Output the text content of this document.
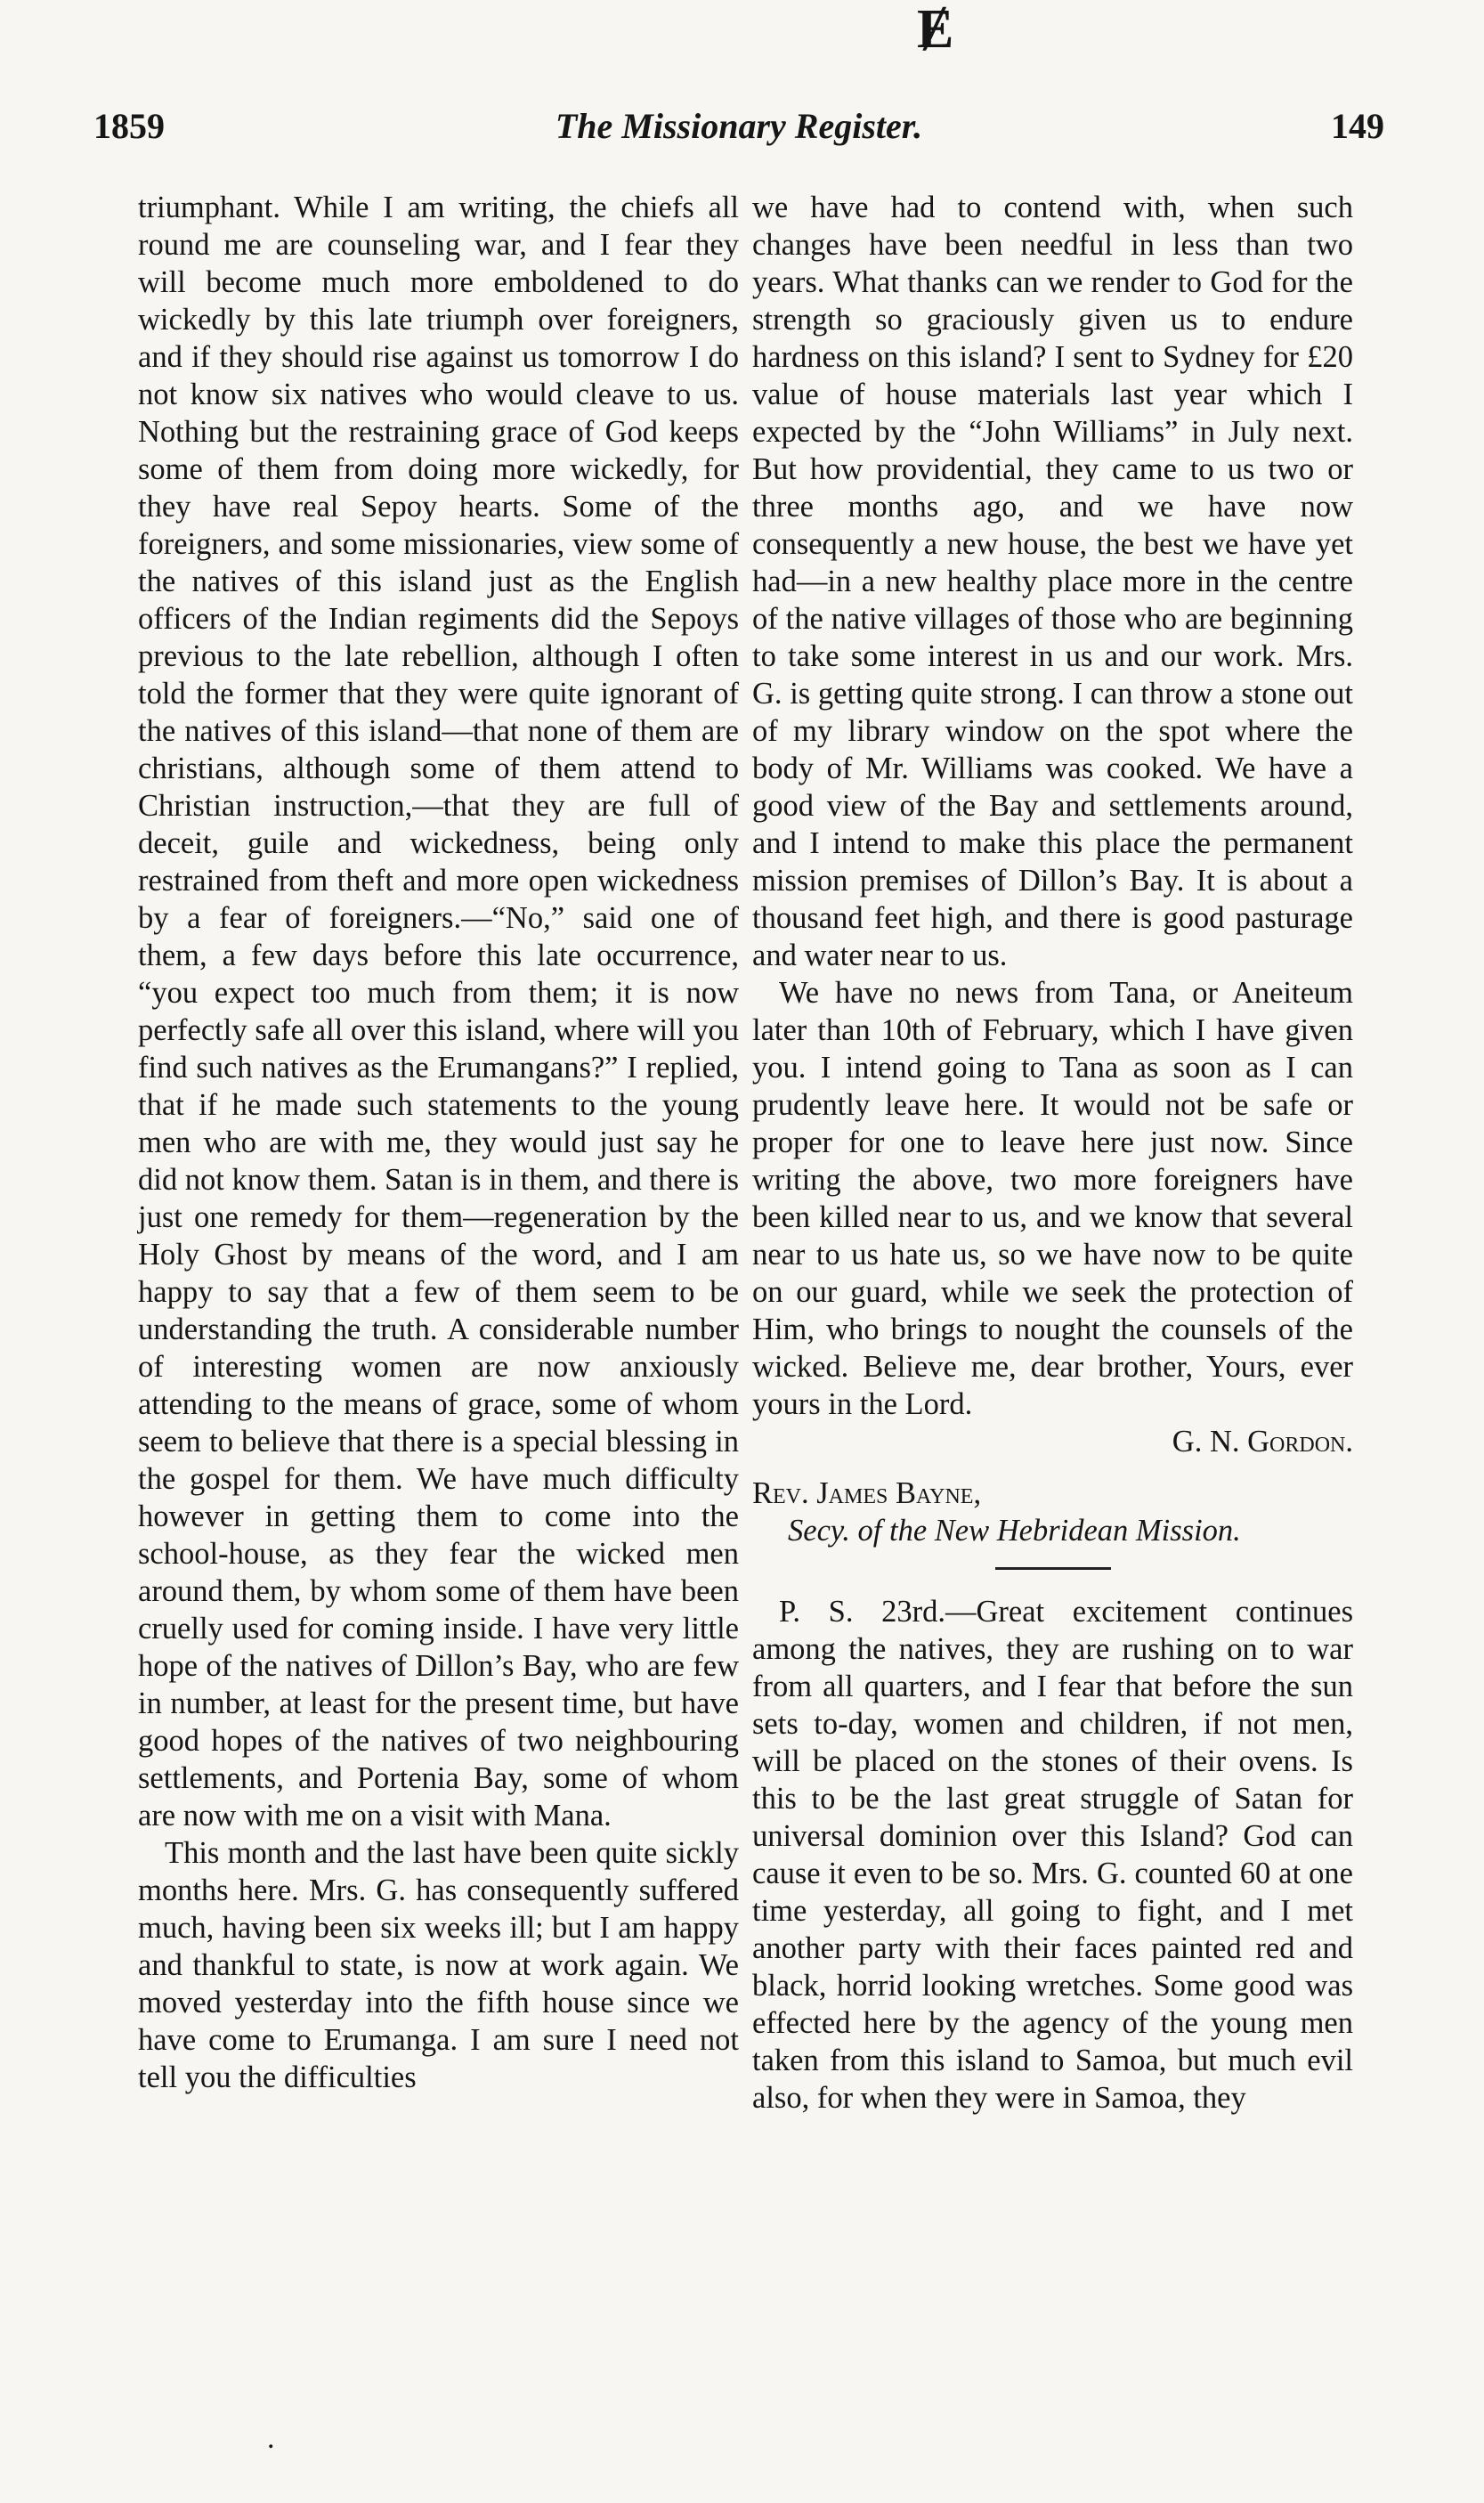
Ɇ
1859	The Missionary Register.	149

triumphant. While I am writing, the chiefs all round me are counseling war, and I fear they will become much more emboldened to do wickedly by this late triumph over foreigners, and if they should rise against us tomorrow I do not know six natives who would cleave to us. Nothing but the restraining grace of God keeps some of them from doing more wickedly, for they have real Sepoy hearts. Some of the foreigners, and some missionaries, view some of the natives of this island just as the English officers of the Indian regiments did the Sepoys previous to the late rebellion, although I often told the former that they were quite ignorant of the natives of this island—that none of them are christians, although some of them attend to Christian instruction,—that they are full of deceit, guile and wickedness, being only restrained from theft and more open wickedness by a fear of foreigners.—“No,” said one of them, a few days before this late occurrence, “you expect too much from them; it is now perfectly safe all over this island, where will you find such natives as the Erumangans?” I replied, that if he made such statements to the young men who are with me, they would just say he did not know them. Satan is in them, and there is just one remedy for them—regeneration by the Holy Ghost by means of the word, and I am happy to say that a few of them seem to be understanding the truth. A considerable number of interesting women are now anxiously attending to the means of grace, some of whom seem to believe that there is a special blessing in the gospel for them. We have much difficulty however in getting them to come into the school-house, as they fear the wicked men around them, by whom some of them have been cruelly used for coming inside. I have very little hope of the natives of Dillon’s Bay, who are few in number, at least for the present time, but have good hopes of the natives of two neighbouring settlements, and Portenia Bay, some of whom are now with me on a visit with Mana.

This month and the last have been quite sickly months here. Mrs. G. has consequently suffered much, having been six weeks ill; but I am happy and thankful to state, is now at work again. We moved yesterday into the fifth house since we have come to Erumanga. I am sure I need not tell you the difficulties

we have had to contend with, when such changes have been needful in less than two years. What thanks can we render to God for the strength so graciously given us to endure hardness on this island? I sent to Sydney for £20 value of house materials last year which I expected by the “John Williams” in July next. But how providential, they came to us two or three months ago, and we have now consequently a new house, the best we have yet had—in a new healthy place more in the centre of the native villages of those who are beginning to take some interest in us and our work. Mrs. G. is getting quite strong. I can throw a stone out of my library window on the spot where the body of Mr. Williams was cooked. We have a good view of the Bay and settlements around, and I intend to make this place the permanent mission premises of Dillon’s Bay. It is about a thousand feet high, and there is good pasturage and water near to us.

We have no news from Tana, or Aneiteum later than 10th of February, which I have given you. I intend going to Tana as soon as I can prudently leave here. It would not be safe or proper for one to leave here just now. Since writing the above, two more foreigners have been killed near to us, and we know that several near to us hate us, so we have now to be quite on our guard, while we seek the protection of Him, who brings to nought the counsels of the wicked. Believe me, dear brother, Yours, ever yours in the Lord.

G. N. Gordon.
Rev. James Bayne,
Secy. of the New Hebridean Mission.

P. S. 23rd.—Great excitement continues among the natives, they are rushing on to war from all quarters, and I fear that before the sun sets to-day, women and children, if not men, will be placed on the stones of their ovens. Is this to be the last great struggle of Satan for universal dominion over this Island? God can cause it even to be so. Mrs. G. counted 60 at one time yesterday, all going to fight, and I met another party with their faces painted red and black, horrid looking wretches. Some good was effected here by the agency of the young men taken from this island to Samoa, but much evil also, for when they were in Samoa, they

.
